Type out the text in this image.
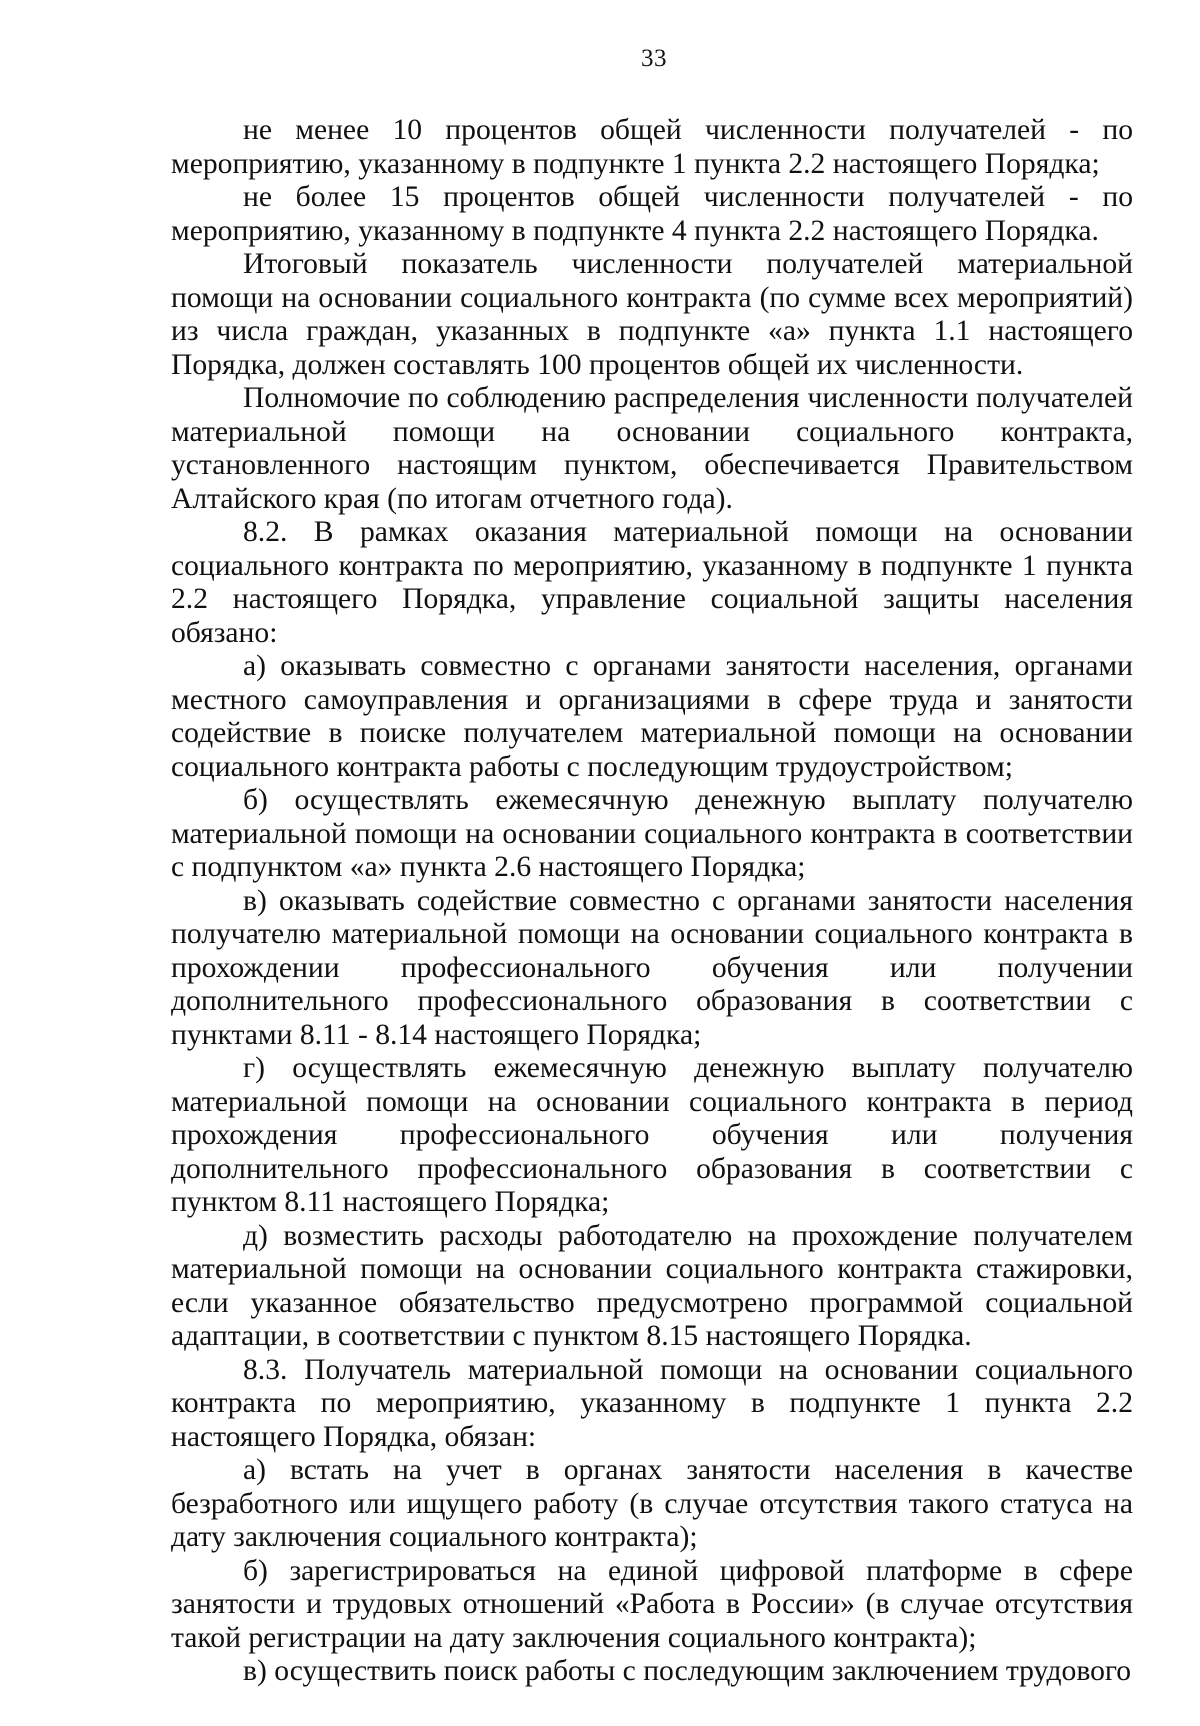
33

не менее 10 процентов общей численности получателей - по мероприятию, указанному в подпункте 1 пункта 2.2 настоящего Порядка;

не более 15 процентов общей численности получателей - по мероприятию, указанному в подпункте 4 пункта 2.2 настоящего Порядка.

Итоговый показатель численности получателей материальной помощи на основании социального контракта (по сумме всех мероприятий) из числа граждан, указанных в подпункте «а» пункта 1.1 настоящего Порядка, должен составлять 100 процентов общей их численности.

Полномочие по соблюдению распределения численности получателей материальной помощи на основании социального контракта, установленного настоящим пунктом, обеспечивается Правительством Алтайского края (по итогам отчетного года).

8.2. В рамках оказания материальной помощи на основании социального контракта по мероприятию, указанному в подпункте 1 пункта 2.2 настоящего Порядка, управление социальной защиты населения обязано:

а) оказывать совместно с органами занятости населения, органами местного самоуправления и организациями в сфере труда и занятости содействие в поиске получателем материальной помощи на основании социального контракта работы с последующим трудоустройством;

б) осуществлять ежемесячную денежную выплату получателю материальной помощи на основании социального контракта в соответствии с подпунктом «а» пункта 2.6 настоящего Порядка;

в) оказывать содействие совместно с органами занятости населения получателю материальной помощи на основании социального контракта в прохождении профессионального обучения или получении дополнительного профессионального образования в соответствии с пунктами 8.11 - 8.14 настоящего Порядка;

г) осуществлять ежемесячную денежную выплату получателю материальной помощи на основании социального контракта в период прохождения профессионального обучения или получения дополнительного профессионального образования в соответствии с пунктом 8.11 настоящего Порядка;

д) возместить расходы работодателю на прохождение получателем материальной помощи на основании социального контракта стажировки, если указанное обязательство предусмотрено программой социальной адаптации, в соответствии с пунктом 8.15 настоящего Порядка.

8.3. Получатель материальной помощи на основании социального контракта по мероприятию, указанному в подпункте 1 пункта 2.2 настоящего Порядка, обязан:

а) встать на учет в органах занятости населения в качестве безработного или ищущего работу (в случае отсутствия такого статуса на дату заключения социального контракта);

б) зарегистрироваться на единой цифровой платформе в сфере занятости и трудовых отношений «Работа в России» (в случае отсутствия такой регистрации на дату заключения социального контракта);

в) осуществить поиск работы с последующим заключением трудового
